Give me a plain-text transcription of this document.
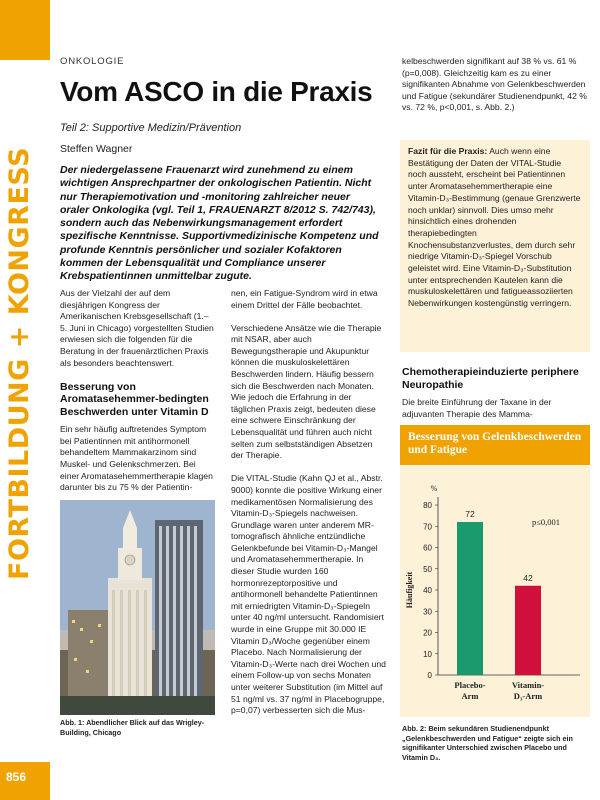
FORTBILDUNG + KONGRESS
856
ONKOLOGIE
Vom ASCO in die Praxis
Teil 2: Supportive Medizin/Prävention
Steffen Wagner
Der niedergelassene Frauenarzt wird zunehmend zu einem wichtigen Ansprechpartner der onkologischen Patientin. Nicht nur Therapiemotivation und -monitoring zahlreicher neuer oraler Onkologika (vgl. Teil 1, FRAUENARZT 8/2012 S. 742/743), sondern auch das Nebenwirkungsmanagement erfordert spezifische Kenntnisse. Supportivmedizinische Kompetenz und profunde Kenntnis persönlicher und sozialer Kofaktoren kommen der Lebensqualität und Compliance unserer Krebspatientinnen unmittelbar zugute.

Aus der Vielzahl der auf dem diesjährigen Kongress der Amerikanischen Krebsgesellschaft (1.–5. Juni in Chicago) vorgestellten Studien erwiesen sich die folgenden für die Beratung in der frauenärztlichen Praxis als besonders beachtenswert.

Besserung von Aromatasehemmer-bedingten Beschwerden unter Vitamin D

Ein sehr häufig auftretendes Symptom bei Patientinnen mit antihormonell behandeltem Mammakarzinom sind Muskel- und Gelenkschmerzen. Bei einer Aromatasehemmertherapie klagen darunter bis zu 75 % der Patientin-

Abb. 1: Abendlicher Blick auf das Wrigley-Building, Chicago

nen, ein Fatigue-Syndrom wird in etwa einem Drittel der Fälle beobachtet.

Verschiedene Ansätze wie die Therapie mit NSAR, aber auch Bewegungstherapie und Akupunktur können die muskuloskelettären Beschwerden lindern. Häufig bessern sich die Beschwerden nach Monaten. Wie jedoch die Erfahrung in der täglichen Praxis zeigt, bedeuten diese eine schwere Einschränkung der Lebensqualität und führen auch nicht selten zum selbstständigen Absetzen der Therapie.

Die VITAL-Studie (Kahn QJ et al., Abstr. 9000) konnte die positive Wirkung einer medikamentösen Normalisierung des Vitamin-D₃-Spiegels nachweisen. Grundlage waren unter anderem MR-tomografisch ähnliche entzündliche Gelenkbefunde bei Vitamin-D₃-Mangel und Aromatasehemmertherapie. In dieser Studie wurden 160 hormonrezeptorpositive und antihormonell behandelte Patientinnen mit erniedrigten Vitamin-D₃-Spiegeln unter 40 ng/ml untersucht. Randomisiert wurde in eine Gruppe mit 30.000 IE Vitamin D₃/Woche gegenüber einem Placebo. Nach Normalisierung der Vitamin-D₃-Werte nach drei Wochen und einem Follow-up von sechs Monaten unter weiterer Substitution (im Mittel auf 51 ng/ml vs. 37 ng/ml in Placebogruppe, p=0,07) verbesserten sich die Mus-

kelbeschwerden signifikant auf 38 % vs. 61 % (p=0,008). Gleichzeitig kam es zu einer signifikanten Abnahme von Gelenkbeschwerden und Fatigue (sekundärer Studienendpunkt, 42 % vs. 72 %, p<0,001, s. Abb. 2.)

Fazit für die Praxis: Auch wenn eine Bestätigung der Daten der VITAL-Studie noch aussteht, erscheint bei Patientinnen unter Aromatasehemmertherapie eine Vitamin-D₃-Bestimmung (genaue Grenzwerte noch unklar) sinnvoll. Dies umso mehr hinsichtlich eines drohenden therapiebedingten Knochensubstanzverlustes, dem durch sehr niedrige Vitamin-D₃-Spiegel Vorschub geleistet wird. Eine Vitamin-D₃-Substitution unter entsprechenden Kautelen kann die muskuloskelettären und fatigueassoziierten Nebenwirkungen kostengünstig verringern.
Chemotherapieinduzierte periphere Neuropathie

Die breite Einführung der Taxane in der adjuvanten Therapie des Mamma-

Besserung von Gelenkbeschwerden und Fatigue
0
10
20
30
40
50
60
70
80
%
Häufigkeit
p≤0,001
72
Placebo-
Arm
42
Vitamin-
D₃-Arm
Abb. 2: Beim sekundären Studienendpunkt „Gelenkbeschwerden und Fatigue“ zeigte sich ein signifikanter Unterschied zwischen Placebo und Vitamin D₃.
